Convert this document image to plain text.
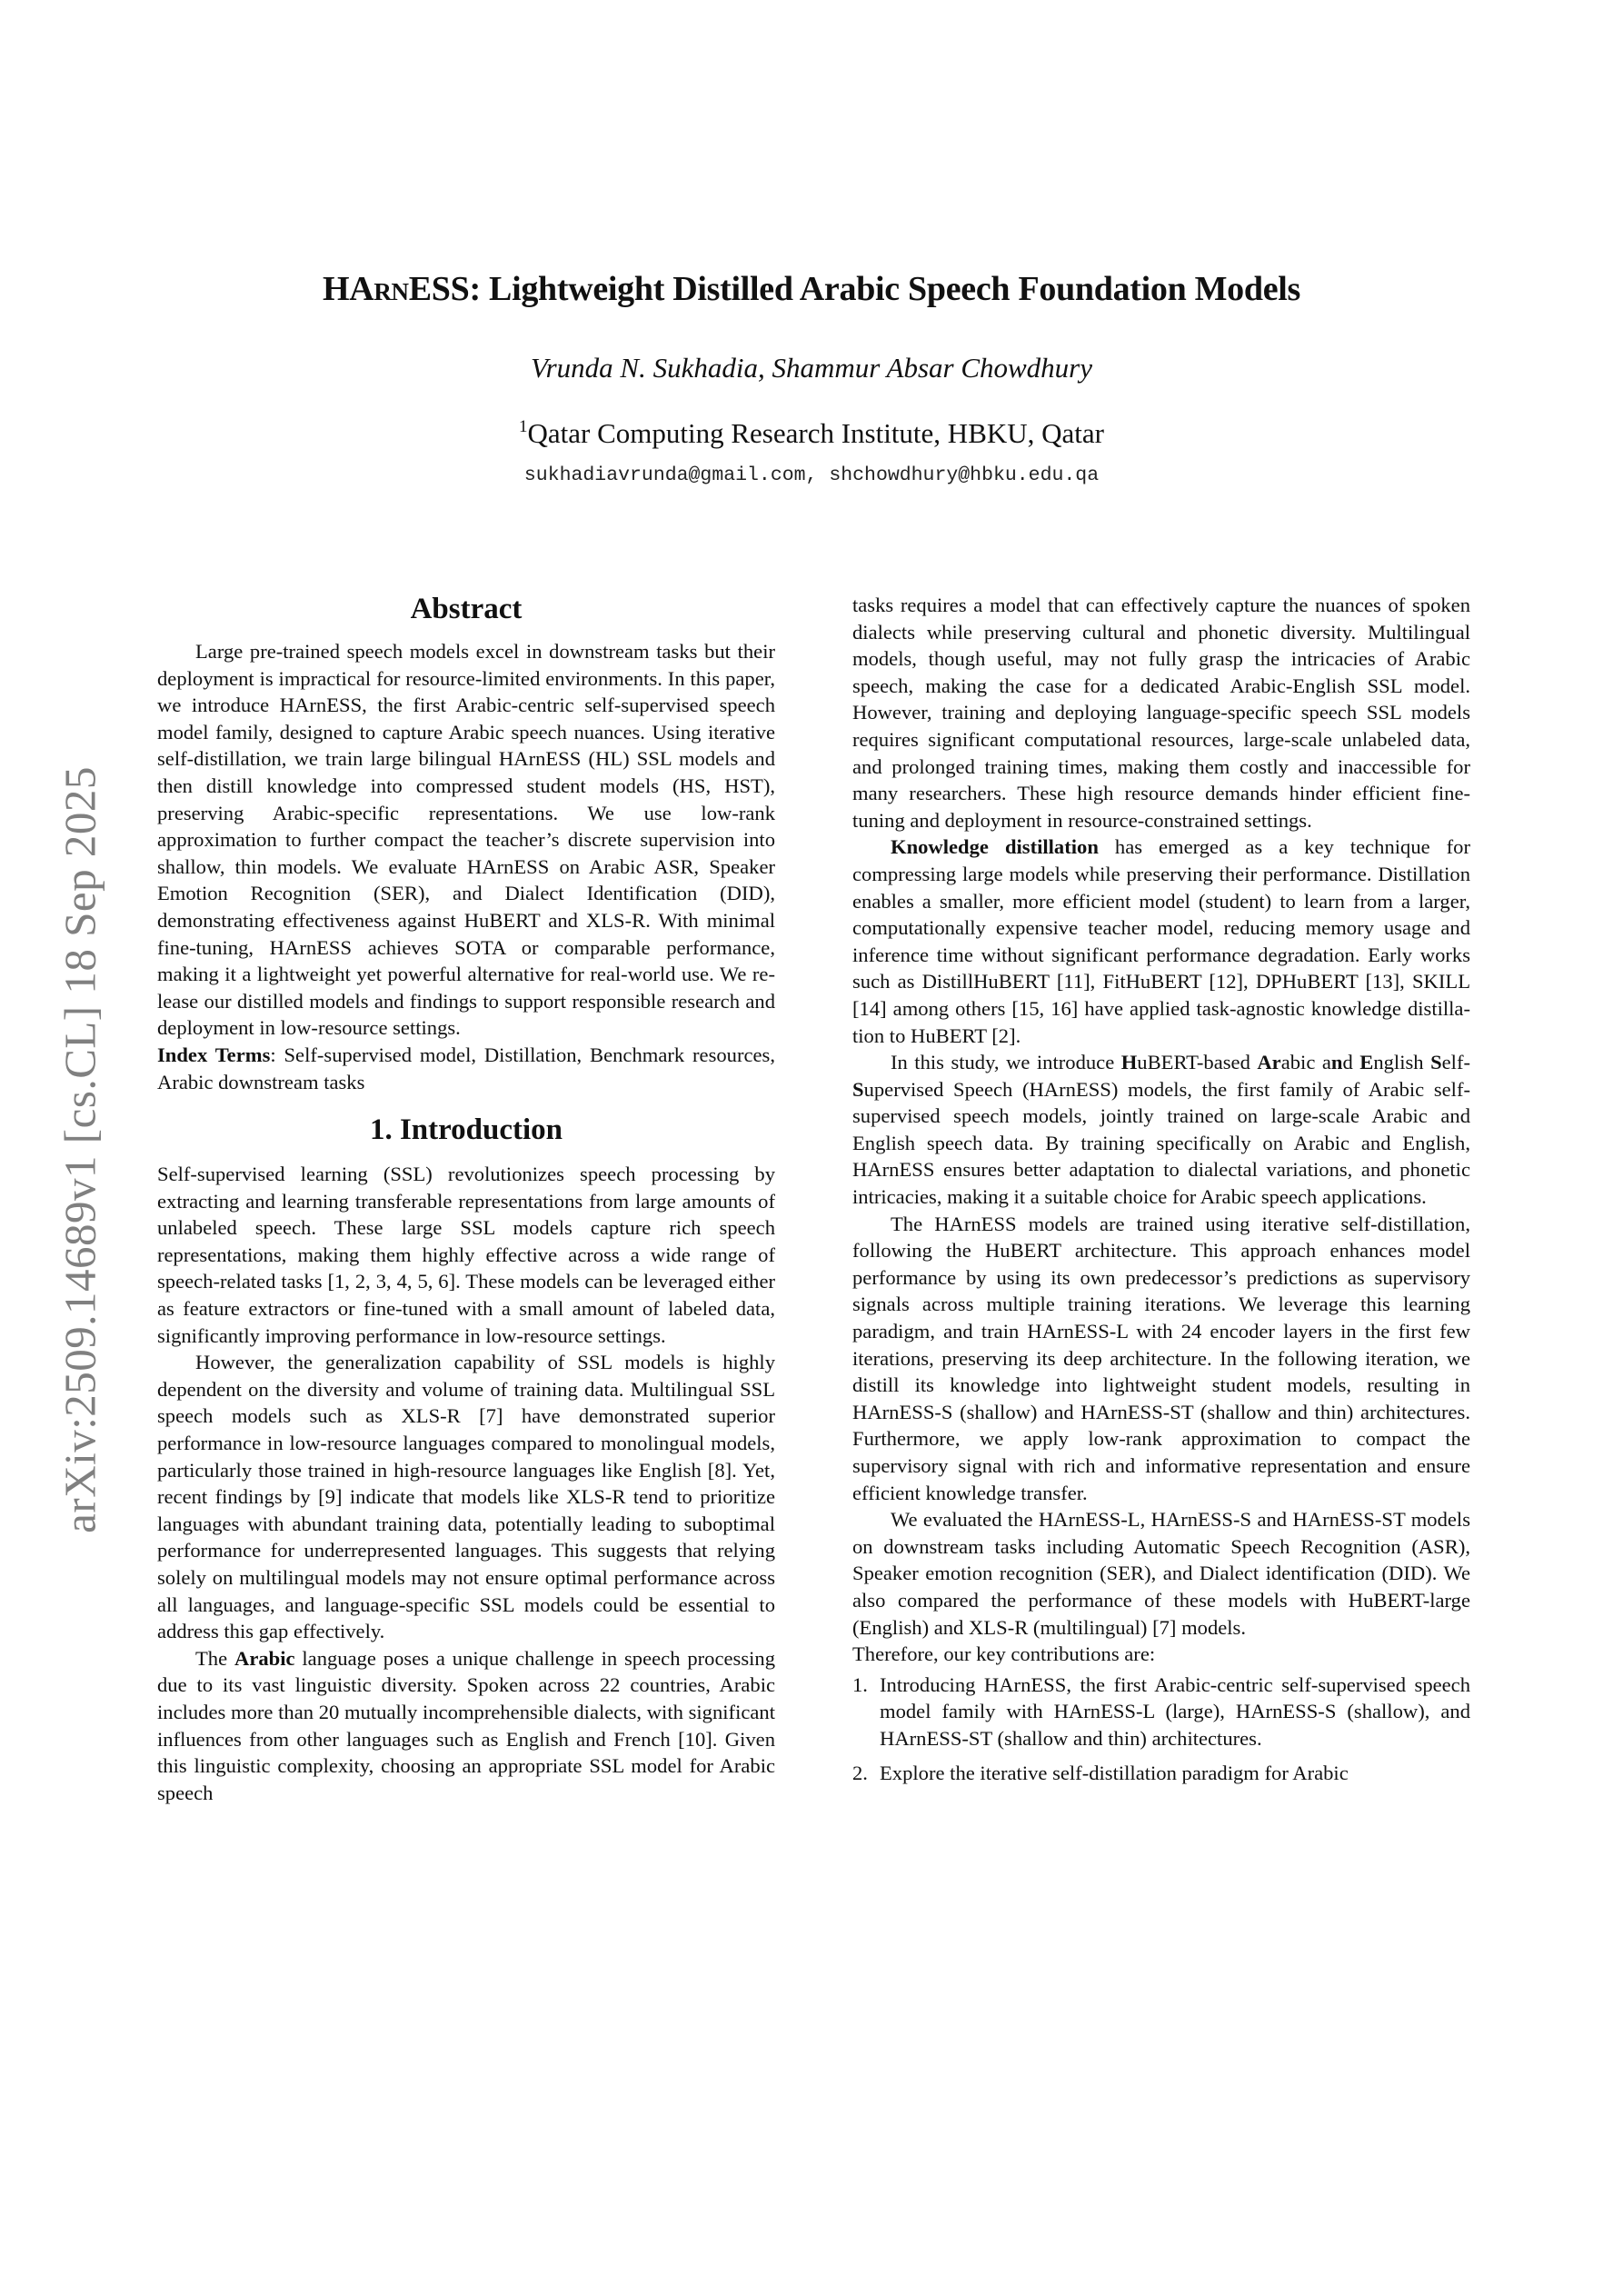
arXiv:2509.14689v1 [cs.CL] 18 Sep 2025
HArnESS: Lightweight Distilled Arabic Speech Foundation Models
Vrunda N. Sukhadia, Shammur Absar Chowdhury
$^1$Qatar Computing Research Institute, HBKU, Qatar
sukhadiavrunda@gmail.com, shchowdhury@hbku.edu.qa
Abstract

Large pre-trained speech models excel in downstream tasks but their deployment is impractical for resource-limited environments. In this paper, we introduce HArnESS, the first Arabic-centric self-supervised speech model family, designed to capture Arabic speech nuances. Using iterative self-distillation, we train large bilingual HArnESS (HL) SSL models and then distill knowledge into compressed student models (HS, HST), preserving Arabic-specific representations. We use low-rank approximation to further compact the teacher’s discrete supervision into shallow, thin models. We evaluate HArnESS on Arabic ASR, Speaker Emotion Recognition (SER), and Dialect Identification (DID), demonstrating effectiveness against HuBERT and XLS-R. With minimal fine-tuning, HArnESS achieves SOTA or comparable performance, making it a lightweight yet powerful alternative for real-world use. We release our distilled models and findings to support responsible research and deployment in low-resource settings.

Index Terms: Self-supervised model, Distillation, Benchmark resources, Arabic downstream tasks

1. Introduction

Self-supervised learning (SSL) revolutionizes speech processing by extracting and learning transferable representations from large amounts of unlabeled speech. These large SSL models capture rich speech representations, making them highly effective across a wide range of speech-related tasks [1, 2, 3, 4, 5, 6]. These models can be leveraged either as feature extractors or fine-tuned with a small amount of labeled data, significantly improving performance in low-resource settings.

However, the generalization capability of SSL models is highly dependent on the diversity and volume of training data. Multilingual SSL speech models such as XLS-R [7] have demonstrated superior performance in low-resource languages compared to monolingual models, particularly those trained in high-resource languages like English [8]. Yet, recent findings by [9] indicate that models like XLS-R tend to prioritize languages with abundant training data, potentially leading to suboptimal performance for underrepresented languages. This suggests that relying solely on multilingual models may not ensure optimal performance across all languages, and language-specific SSL models could be essential to address this gap effectively.

The Arabic language poses a unique challenge in speech processing due to its vast linguistic diversity. Spoken across 22 countries, Arabic includes more than 20 mutually incomprehensible dialects, with significant influences from other languages such as English and French [10]. Given this linguistic complexity, choosing an appropriate SSL model for Arabic speech

tasks requires a model that can effectively capture the nuances of spoken dialects while preserving cultural and phonetic diversity. Multilingual models, though useful, may not fully grasp the intricacies of Arabic speech, making the case for a dedicated Arabic-English SSL model. However, training and deploying language-specific speech SSL models requires significant computational resources, large-scale unlabeled data, and prolonged training times, making them costly and inaccessible for many researchers. These high resource demands hinder efficient fine-tuning and deployment in resource-constrained settings.

Knowledge distillation has emerged as a key technique for compressing large models while preserving their performance. Distillation enables a smaller, more efficient model (student) to learn from a larger, computationally expensive teacher model, reducing memory usage and inference time without significant performance degradation. Early works such as DistillHuBERT [11], FitHuBERT [12], DPHuBERT [13], SKILL [14] among others [15, 16] have applied task-agnostic knowledge distillation to HuBERT [2].

In this study, we introduce HuBERT-based Arabic and English Self-Supervised Speech (HArnESS) models, the first family of Arabic self-supervised speech models, jointly trained on large-scale Arabic and English speech data. By training specifically on Arabic and English, HArnESS ensures better adaptation to dialectal variations, and phonetic intricacies, making it a suitable choice for Arabic speech applications.

The HArnESS models are trained using iterative self-distillation, following the HuBERT architecture. This approach enhances model performance by using its own predecessor’s predictions as supervisory signals across multiple training iterations. We leverage this learning paradigm, and train HArnESS-L with 24 encoder layers in the first few iterations, preserving its deep architecture. In the following iteration, we distill its knowledge into lightweight student models, resulting in HArnESS-S (shallow) and HArnESS-ST (shallow and thin) architectures. Furthermore, we apply low-rank approximation to compact the supervisory signal with rich and informative representation and ensure efficient knowledge transfer.

We evaluated the HArnESS-L, HArnESS-S and HArnESS-ST models on downstream tasks including Automatic Speech Recognition (ASR), Speaker emotion recognition (SER), and Dialect identification (DID). We also compared the performance of these models with HuBERT-large (English) and XLS-R (multilingual) [7] models.

Therefore, our key contributions are:

1. Introducing HArnESS, the first Arabic-centric self-supervised speech model family with HArnESS-L (large), HArnESS-S (shallow), and HArnESS-ST (shallow and thin) architectures.
2. Explore the iterative self-distillation paradigm for Arabic
